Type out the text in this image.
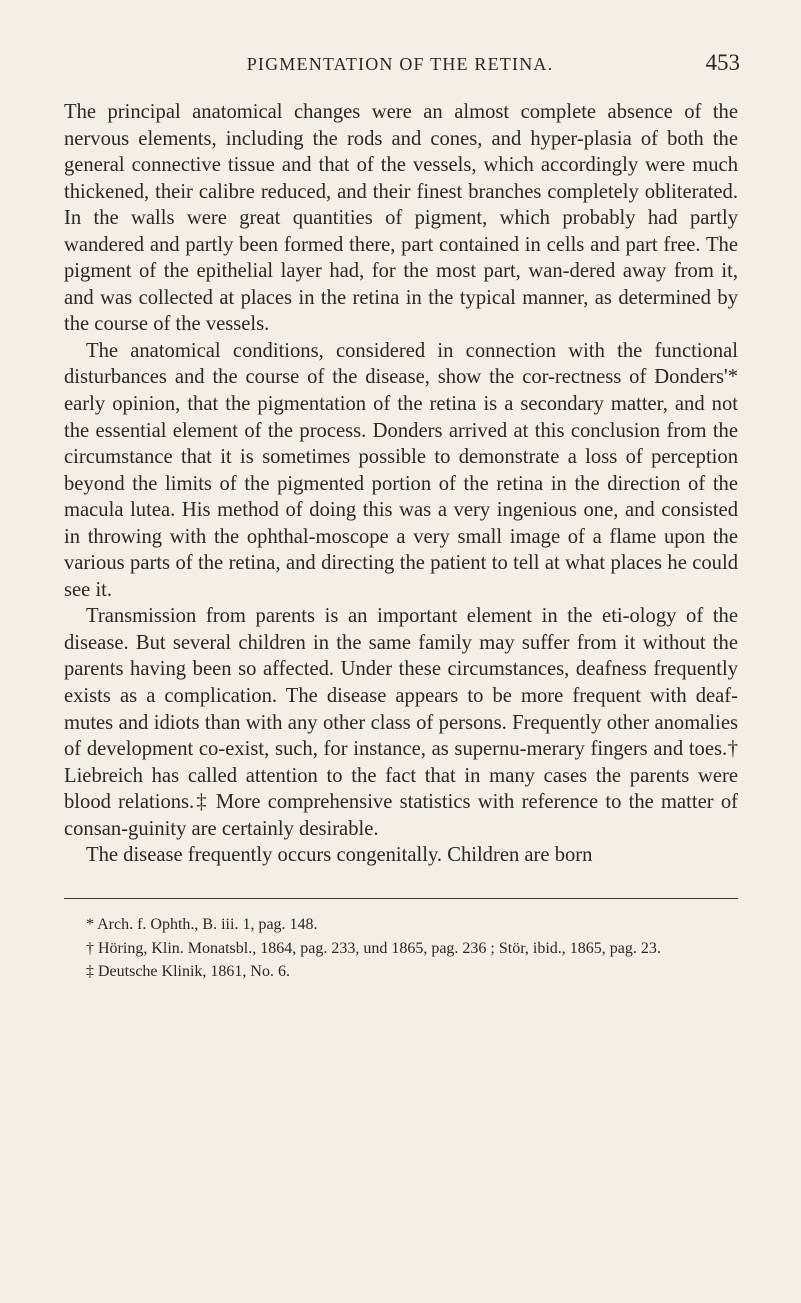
PIGMENTATION OF THE RETINA.	453

The principal anatomical changes were an almost complete absence of the nervous elements, including the rods and cones, and hyper-plasia of both the general connective tissue and that of the vessels, which accordingly were much thickened, their calibre reduced, and their finest branches completely obliterated. In the walls were great quantities of pigment, which probably had partly wandered and partly been formed there, part contained in cells and part free. The pigment of the epithelial layer had, for the most part, wan-dered away from it, and was collected at places in the retina in the typical manner, as determined by the course of the vessels.

The anatomical conditions, considered in connection with the functional disturbances and the course of the disease, show the cor-rectness of Donders'* early opinion, that the pigmentation of the retina is a secondary matter, and not the essential element of the process. Donders arrived at this conclusion from the circumstance that it is sometimes possible to demonstrate a loss of perception beyond the limits of the pigmented portion of the retina in the direction of the macula lutea. His method of doing this was a very ingenious one, and consisted in throwing with the ophthal-moscope a very small image of a flame upon the various parts of the retina, and directing the patient to tell at what places he could see it.

Transmission from parents is an important element in the eti-ology of the disease. But several children in the same family may suffer from it without the parents having been so affected. Under these circumstances, deafness frequently exists as a complication. The disease appears to be more frequent with deaf-mutes and idiots than with any other class of persons. Frequently other anomalies of development co-exist, such, for instance, as supernu-merary fingers and toes.† Liebreich has called attention to the fact that in many cases the parents were blood relations.‡ More comprehensive statistics with reference to the matter of consan-guinity are certainly desirable.

The disease frequently occurs congenitally. Children are born

* Arch. f. Ophth., B. iii. 1, pag. 148.

† Höring, Klin. Monatsbl., 1864, pag. 233, und 1865, pag. 236 ; Stör, ibid., 1865, pag. 23.

‡ Deutsche Klinik, 1861, No. 6.
